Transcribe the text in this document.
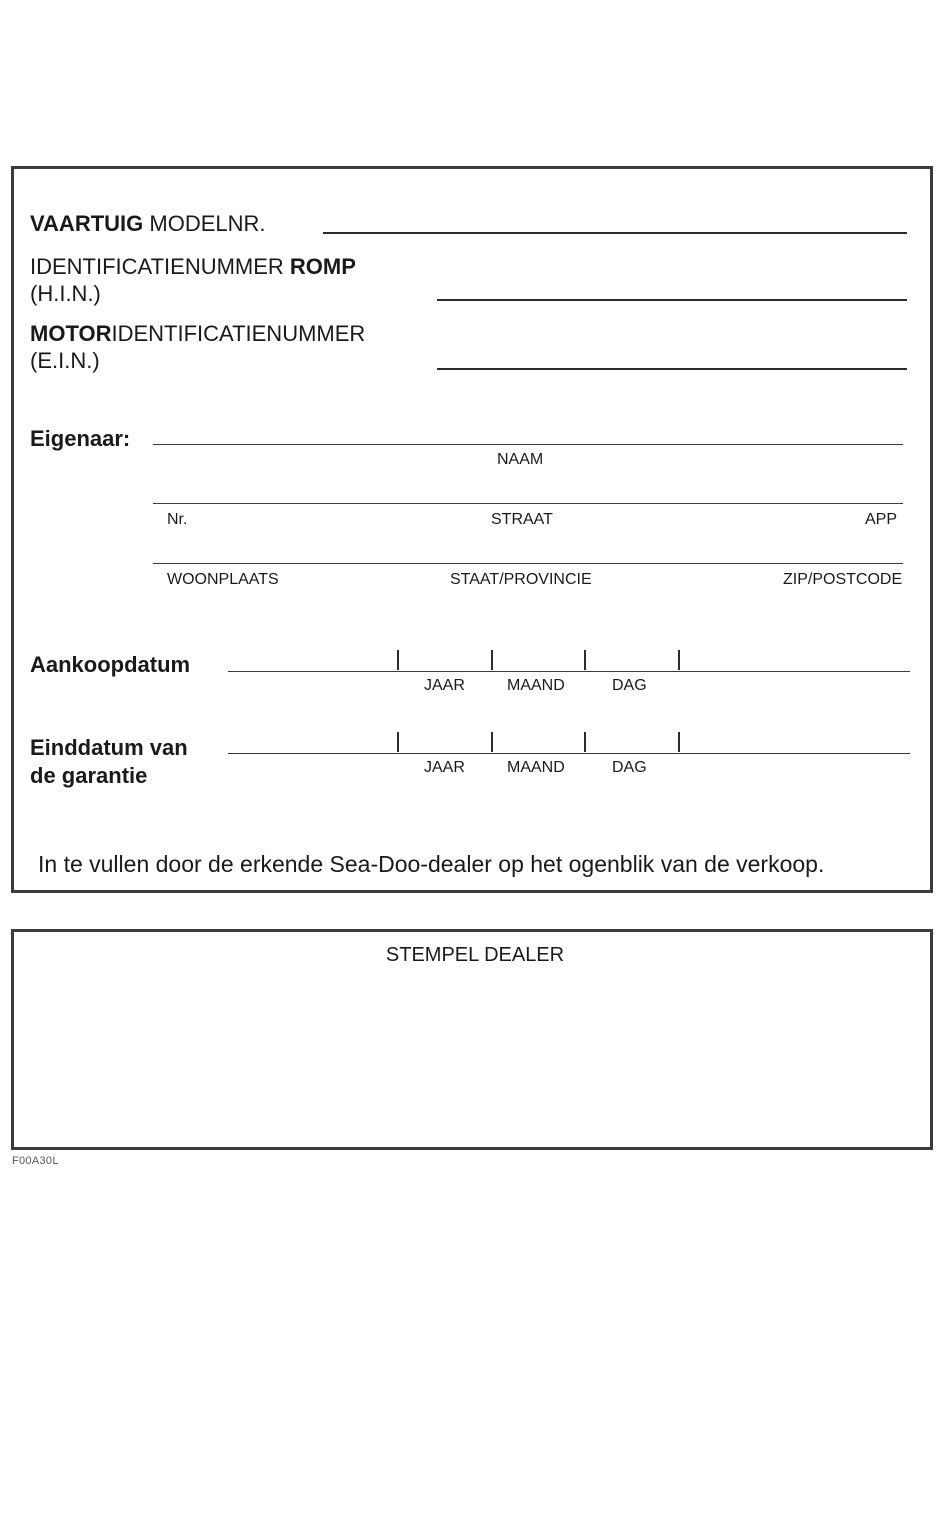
VAARTUIG MODELNR.
IDENTIFICATIENUMMER ROMP
(H.I.N.)
MOTORIDENTIFICATIENUMMER
(E.I.N.)
Eigenaar:
NAAM
Nr.	STRAAT	APP
WOONPLAATS	STAAT/PROVINCIE	ZIP/POSTCODE
Aankoopdatum
JAAR	MAAND	DAG
Einddatum van
de garantie	JAAR	MAAND	DAG
In te vullen door de erkende Sea-Doo-dealer op het ogenblik van de verkoop.
STEMPEL DEALER
F00A30L
